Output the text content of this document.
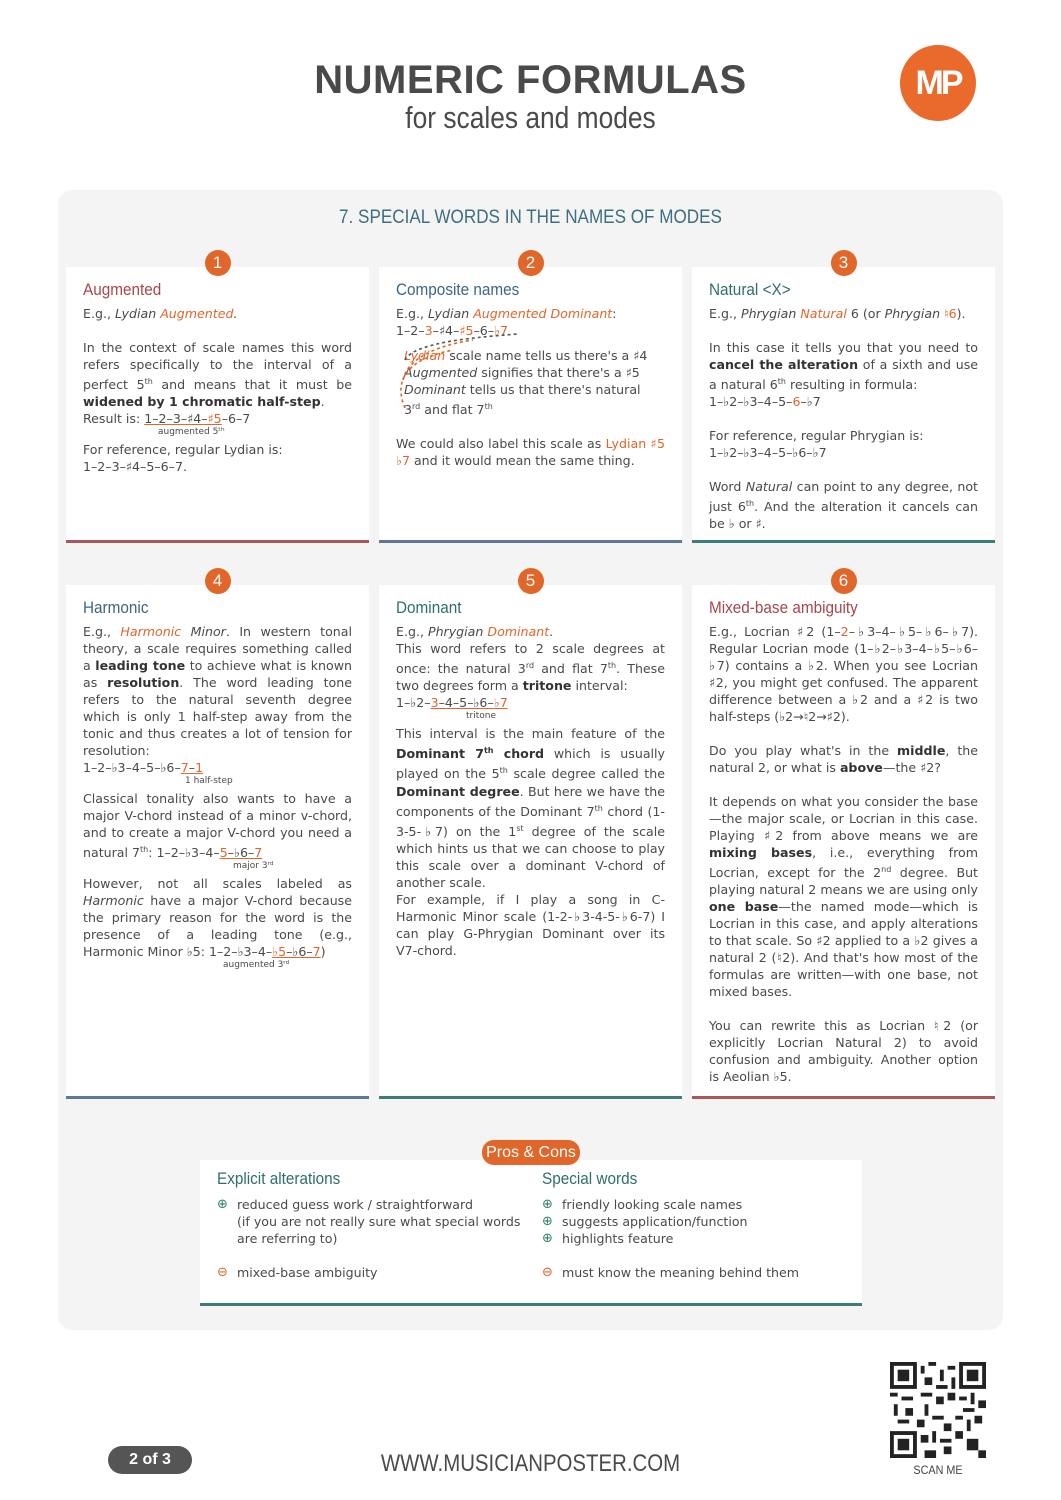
NUMERIC FORMULAS
for scales and modes
MP
7. SPECIAL WORDS IN THE NAMES OF MODES
1
Augmented

E.g., Lydian Augmented.

In the context of scale names this word refers specifically to the interval of a perfect 5th and means that it must be widened by 1 chromatic half-step.

Result is: 1–2–3–♯4–♯5–6–7

augmented 5ᵗʰ

For reference, regular Lydian is:

1–2–3–♯4–5–6–7.

2
Composite names

E.g., Lydian Augmented Dominant:

1–2–3–♯4–♯5–6–♭7

Lydian scale name tells us there's a ♯4

Augmented signifies that there's a ♯5

Dominant tells us that there's natural

3rd and flat 7th

We could also label this scale as Lydian ♯5 ♭7 and it would mean the same thing.

3
Natural <X>

E.g., Phrygian Natural 6 (or Phrygian ♮6).

In this case it tells you that you need to cancel the alteration of a sixth and use a natural 6th resulting in formula:

1–♭2–♭3–4–5–6–♭7

For reference, regular Phrygian is:

1–♭2–♭3–4–5–♭6–♭7

Word Natural can point to any degree, not just 6th. And the alteration it cancels can be ♭ or ♯.

4
Harmonic

E.g., Harmonic Minor. In western tonal theory, a scale requires something called a leading tone to achieve what is known as resolution. The word leading tone refers to the natural seventh degree which is only 1 half-step away from the tonic and thus creates a lot of tension for resolution:

1–2–♭3–4–5–♭6–7–1

1 half-step

Classical tonality also wants to have a major V-chord instead of a minor v-chord, and to create a major V-chord you need a natural 7th: 1–2–♭3–4–5–♭6–7

major 3ʳᵈ

However, not all scales labeled as Harmonic have a major V-chord because the primary reason for the word is the presence of a leading tone (e.g., Harmonic Minor ♭5: 1–2–♭3–4–♭5–♭6–7)

augmented 3ʳᵈ
5
Dominant

E.g., Phrygian Dominant.

This word refers to 2 scale degrees at once: the natural 3rd and flat 7th. These two degrees form a tritone interval:

1–♭2–3–4–5–♭6–♭7

tritone

This interval is the main feature of the Dominant 7th chord which is usually played on the 5th scale degree called the Dominant degree. But here we have the components of the Dominant 7th chord (1-3-5-♭7) on the 1st degree of the scale which hints us that we can choose to play this scale over a dominant V-chord of another scale.

For example, if I play a song in C-Harmonic Minor scale (1-2-♭3-4-5-♭6-7) I can play G-Phrygian Dominant over its V7-chord.

6
Mixed-base ambiguity

E.g., Locrian ♯2 (1–2–♭3–4–♭5–♭6–♭7). Regular Locrian mode (1–♭2–♭3–4–♭5–♭6–♭7) contains a ♭2. When you see Locrian ♯2, you might get confused. The apparent difference between a ♭2 and a ♯2 is two half-steps (♭2→♮2→♯2).

Do you play what's in the middle, the natural 2, or what is above—the ♯2?

It depends on what you consider the base—the major scale, or Locrian in this case. Playing ♯2 from above means we are mixing bases, i.e., everything from Locrian, except for the 2nd degree. But playing natural 2 means we are using only one base—the named mode—which is Locrian in this case, and apply alterations to that scale. So ♯2 applied to a ♭2 gives a natural 2 (♮2). And that's how most of the formulas are written—with one base, not mixed bases.

You can rewrite this as Locrian ♮2 (or explicitly Locrian Natural 2) to avoid confusion and ambiguity. Another option is Aeolian ♭5.

Explicit alterations
⊕ reduced guess work / straightforward
(if you are not really sure what special words
are referring to)
⊖ mixed-base ambiguity
Special words
⊕ friendly looking scale names
⊕ suggests application/function
⊕ highlights feature
⊖ must know the meaning behind them
Pros & Cons
2 of 3	WWW.MUSICIANPOSTER.COM	SCAN ME
